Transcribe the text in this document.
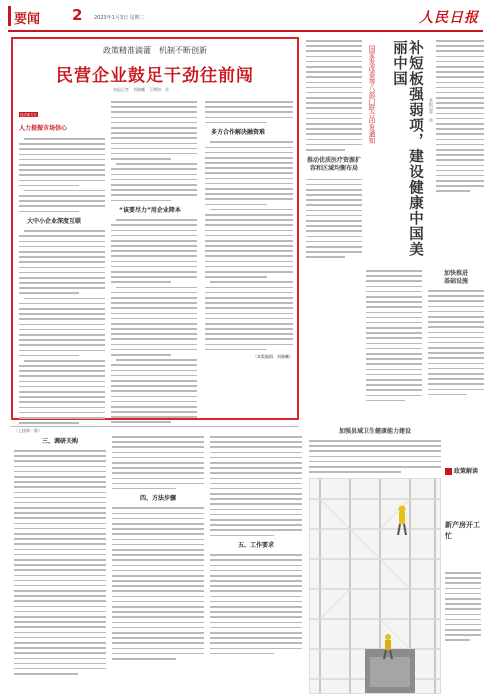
要闻 2 2023年1月3日 星期二	人民日报
政策精准滴灌　机制不断创新
民营企业鼓足干劲往前闯
本报记者　刘晓曦　王博海　孙　　　　
经济新方位
人力提振市场信心
大中小企业深度互联
“该要尽力”用企业降本
多方合作解决融资难
（本版编辑：刘晓曦）
推动优质医疗资源扩容和区域均衡布局
国家发改委等八部门联合印发通知	补短板强弱项，建设健康中国美丽中国
本报记者　孙
加快推进
基础设施
（上接第一版）
三、调研关购
四、方法步骤
五、工作要求
加强县域卫生健康能力建设
政策解读
新产房开工忙
